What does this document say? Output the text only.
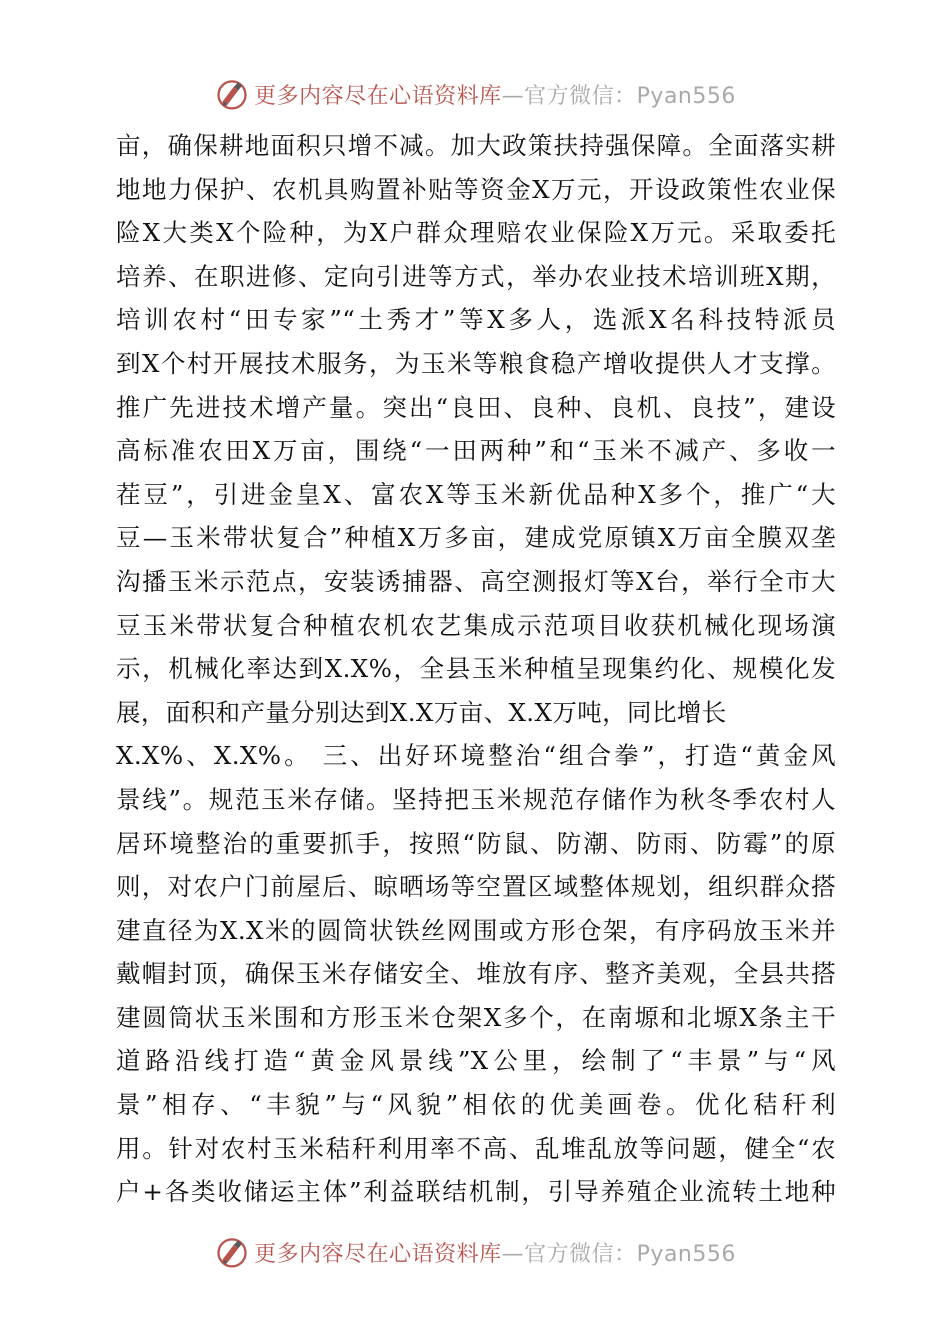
更多内容尽在心语资料库—官方微信：Pyan556
亩，确保耕地面积只增不减。加大政策扶持强保障。全面落实耕
地地力保护、农机具购置补贴等资金X万元，开设政策性农业保
险X大类X个险种，为X户群众理赔农业保险X万元。采取委托
培养、在职进修、定向引进等方式，举办农业技术培训班X期，
培训农村“田专家”“土秀才”等X多人，选派X名科技特派员
到X个村开展技术服务，为玉米等粮食稳产增收提供人才支撑。
推广先进技术增产量。突出“良田、良种、良机、良技”，建设
高标准农田X万亩，围绕“一田两种”和“玉米不减产、多收一
茬豆”，引进金皇X、富农X等玉米新优品种X多个，推广“大
豆—玉米带状复合”种植X万多亩，建成党原镇X万亩全膜双垄
沟播玉米示范点，安装诱捕器、高空测报灯等X台，举行全市大
豆玉米带状复合种植农机农艺集成示范项目收获机械化现场演
示，机械化率达到X.X%，全县玉米种植呈现集约化、规模化发
展，面积和产量分别达到X.X万亩、X.X万吨，同比增长
X.X%、X.X%。 三、出好环境整治“组合拳”，打造“黄金风
景线”。规范玉米存储。坚持把玉米规范存储作为秋冬季农村人
居环境整治的重要抓手，按照“防鼠、防潮、防雨、防霉”的原
则，对农户门前屋后、晾晒场等空置区域整体规划，组织群众搭
建直径为X.X米的圆筒状铁丝网围或方形仓架，有序码放玉米并
戴帽封顶，确保玉米存储安全、堆放有序、整齐美观，全县共搭
建圆筒状玉米围和方形玉米仓架X多个，在南塬和北塬X条主干
道路沿线打造“黄金风景线”X公里，绘制了“丰景”与“风
景”相存、“丰貌”与“风貌”相依的优美画卷。优化秸秆利
用。针对农村玉米秸秆利用率不高、乱堆乱放等问题，健全“农
户+各类收储运主体”利益联结机制，引导养殖企业流转土地种
更多内容尽在心语资料库—官方微信：Pyan556
